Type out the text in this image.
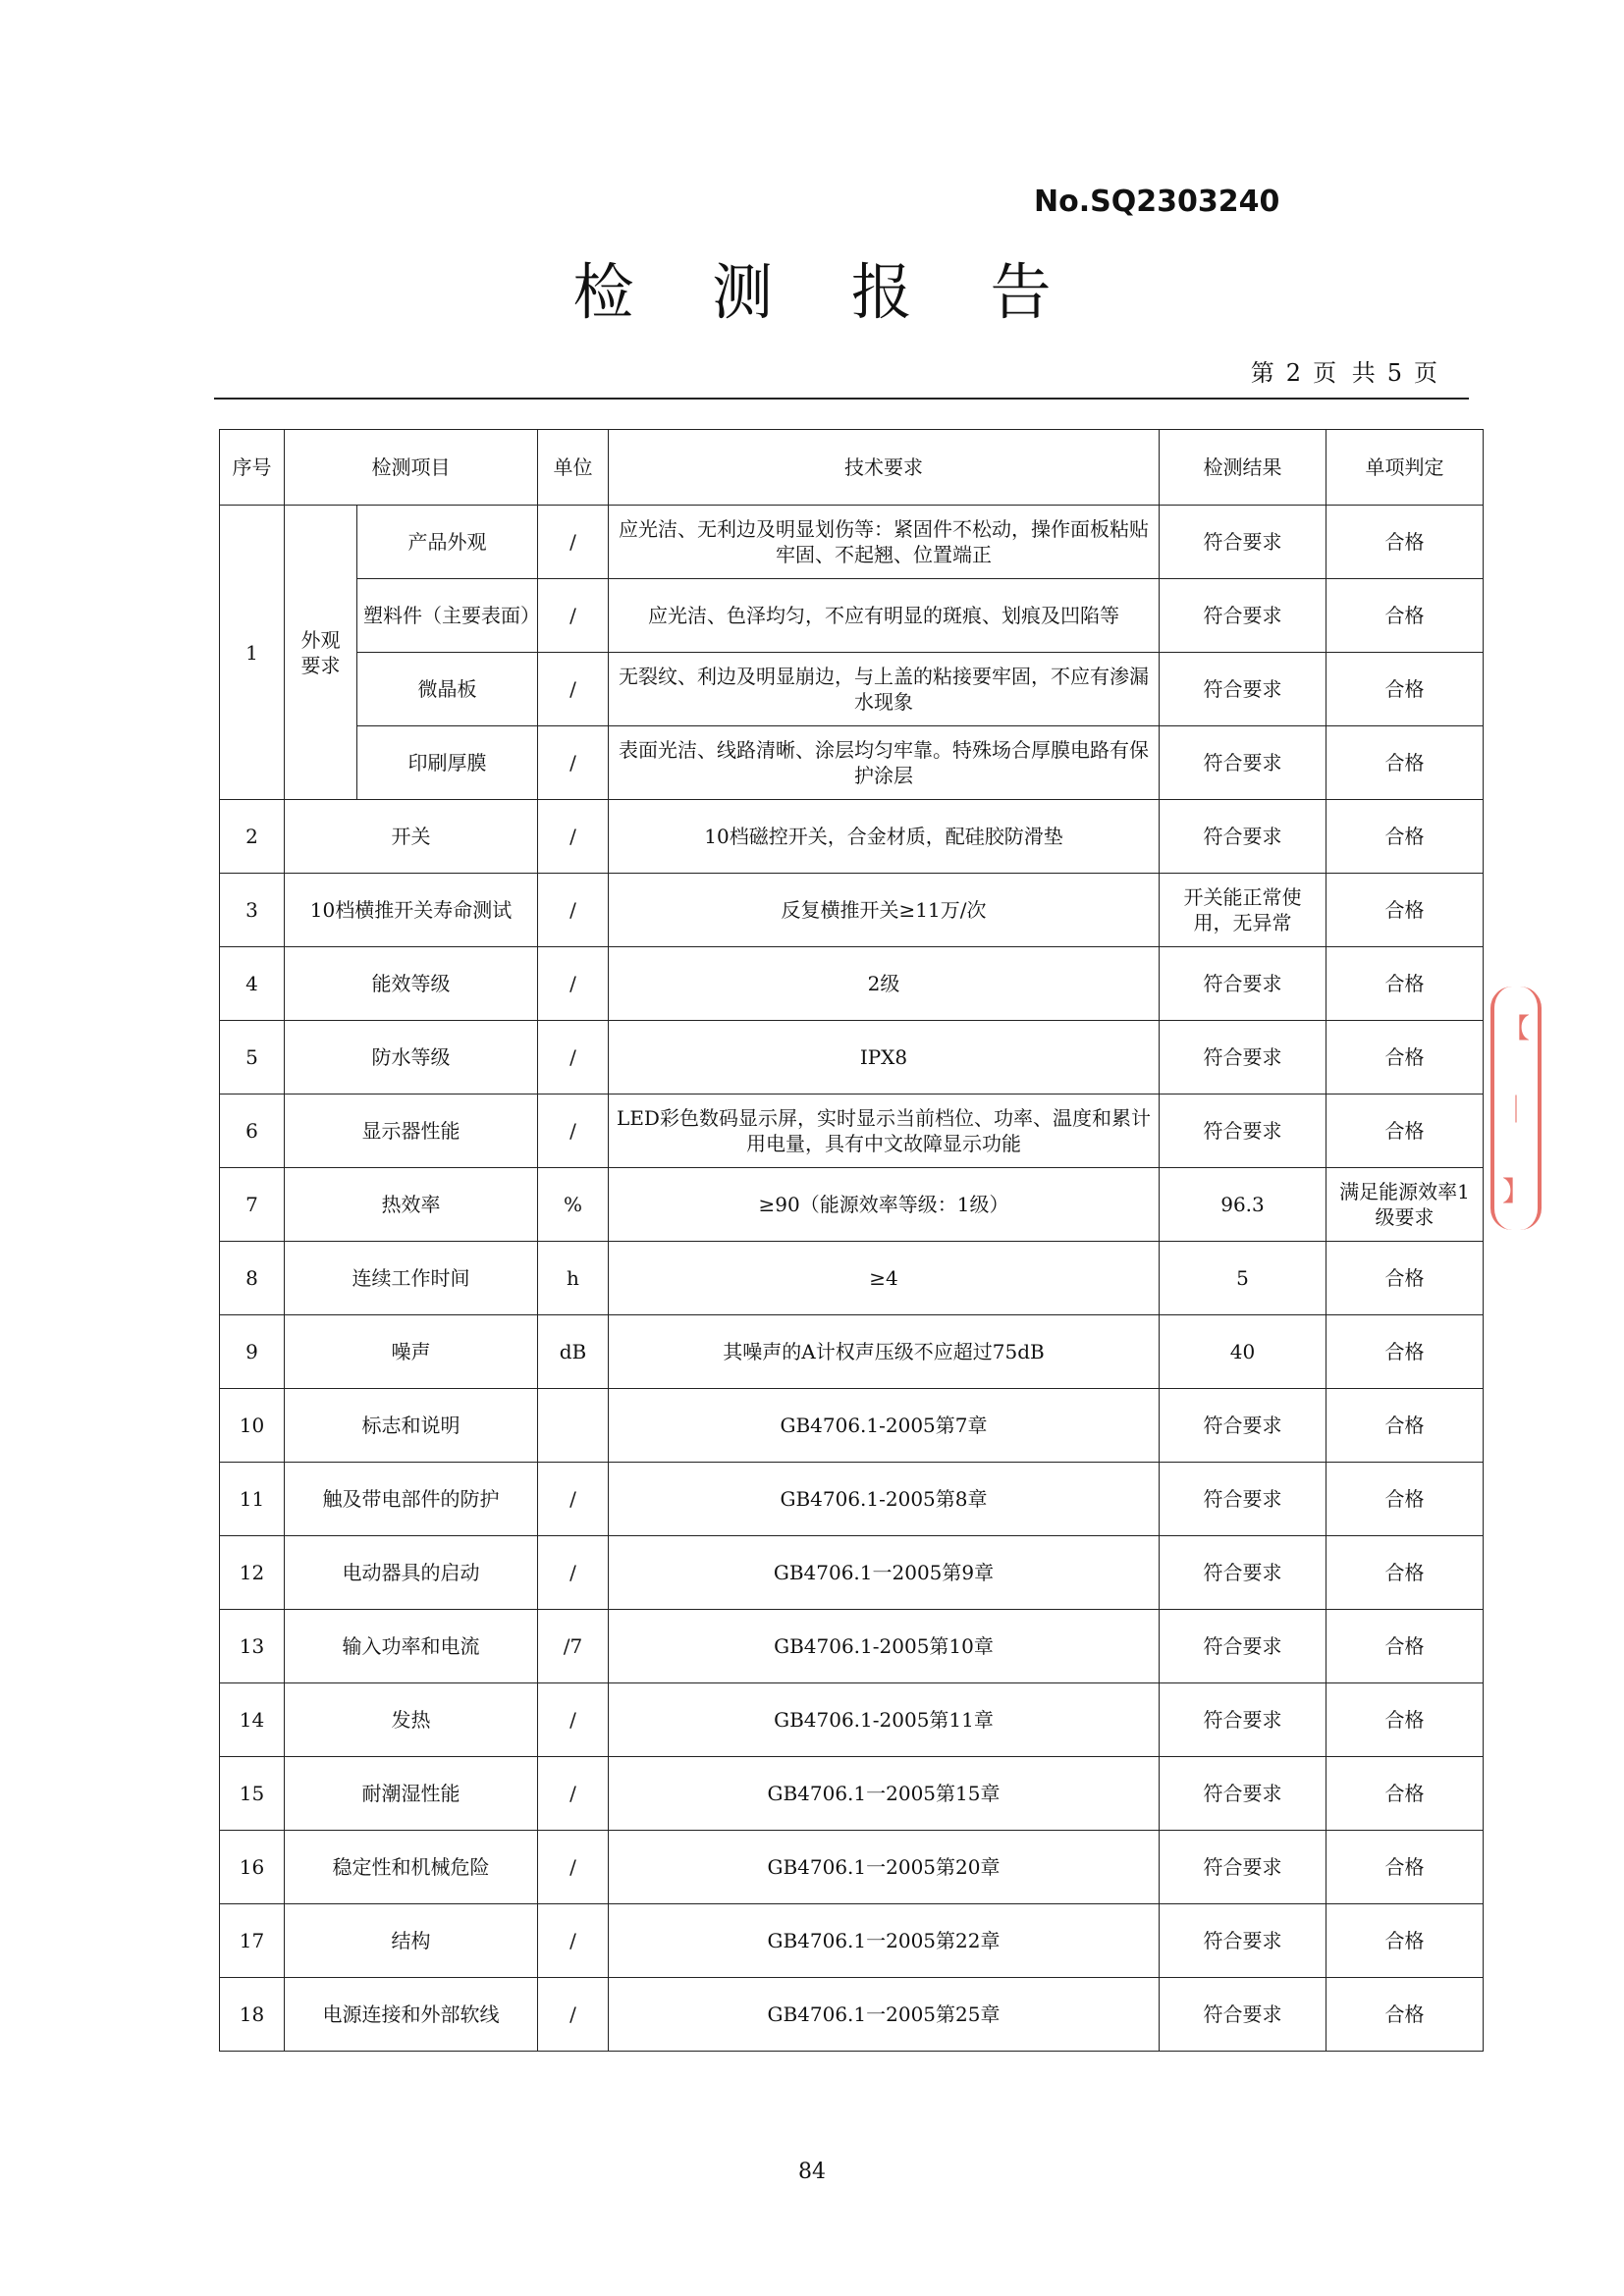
No.SQ2303240
检 测 报 告
第 2 页 共 5 页
序号	检测项目		单位	技术要求	检测结果	单项判定
1	外观要求	产品外观	/	应光洁、无利边及明显划伤等：紧固件不松动，操作面板粘贴牢固、不起翘、位置端正	符合要求	合格
		塑料件（主要表面）	/	应光洁、色泽均匀，不应有明显的斑痕、划痕及凹陷等	符合要求	合格
		微晶板	/	无裂纹、利边及明显崩边，与上盖的粘接要牢固，不应有渗漏水现象	符合要求	合格
		印刷厚膜	/	表面光洁、线路清晰、涂层均匀牢靠。特殊场合厚膜电路有保护涂层	符合要求	合格
2	开关		/	10档磁控开关，合金材质，配硅胶防滑垫	符合要求	合格
3	10档横推开关寿命测试		/	反复横推开关≥11万/次	开关能正常使用，无异常	合格
4	能效等级		/	2级	符合要求	合格
5	防水等级		/	IPX8	符合要求	合格
6	显示器性能		/	LED彩色数码显示屏，实时显示当前档位、功率、温度和累计用电量，具有中文故障显示功能	符合要求	合格
7	热效率		%	≥90（能源效率等级：1级）	96.3	满足能源效率1级要求
8	连续工作时间		h	≥4	5	合格
9	噪声		dB	其噪声的A计权声压级不应超过75dB	40	合格
10	标志和说明			GB4706.1-2005第7章	符合要求	合格
11	触及带电部件的防护		/	GB4706.1-2005第8章	符合要求	合格
12	电动器具的启动		/	GB4706.1一2005第9章	符合要求	合格
13	输入功率和电流		/7	GB4706.1-2005第10章	符合要求	合格
14	发热		/	GB4706.1-2005第11章	符合要求	合格
15	耐潮湿性能		/	GB4706.1一2005第15章	符合要求	合格
16	稳定性和机械危险		/	GB4706.1一2005第20章	符合要求	合格
17	结构		/	GB4706.1一2005第22章	符合要求	合格
18	电源连接和外部软线		/	GB4706.1一2005第25章	符合要求	合格
84
【
｜
】
